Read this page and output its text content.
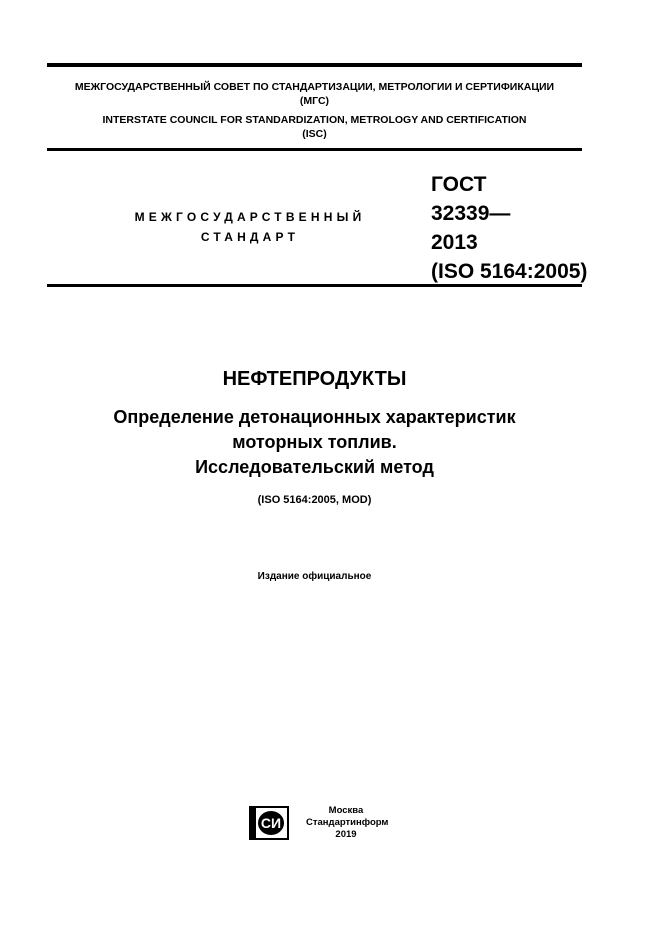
МЕЖГОСУДАРСТВЕННЫЙ СОВЕТ ПО СТАНДАРТИЗАЦИИ, МЕТРОЛОГИИ И СЕРТИФИКАЦИИ
(МГС)
INTERSTATE COUNCIL FOR STANDARDIZATION, METROLOGY AND CERTIFICATION
(ISC)
МЕЖГОСУДАРСТВЕННЫЙ
СТАНДАРТ
ГОСТ
32339—
2013
(ISO 5164:2005)
НЕФТЕПРОДУКТЫ
Определение детонационных характеристик
моторных топлив.
Исследовательский метод
(ISO 5164:2005, MOD)
Издание официальное
СИ
Москва
Стандартинформ
2019
